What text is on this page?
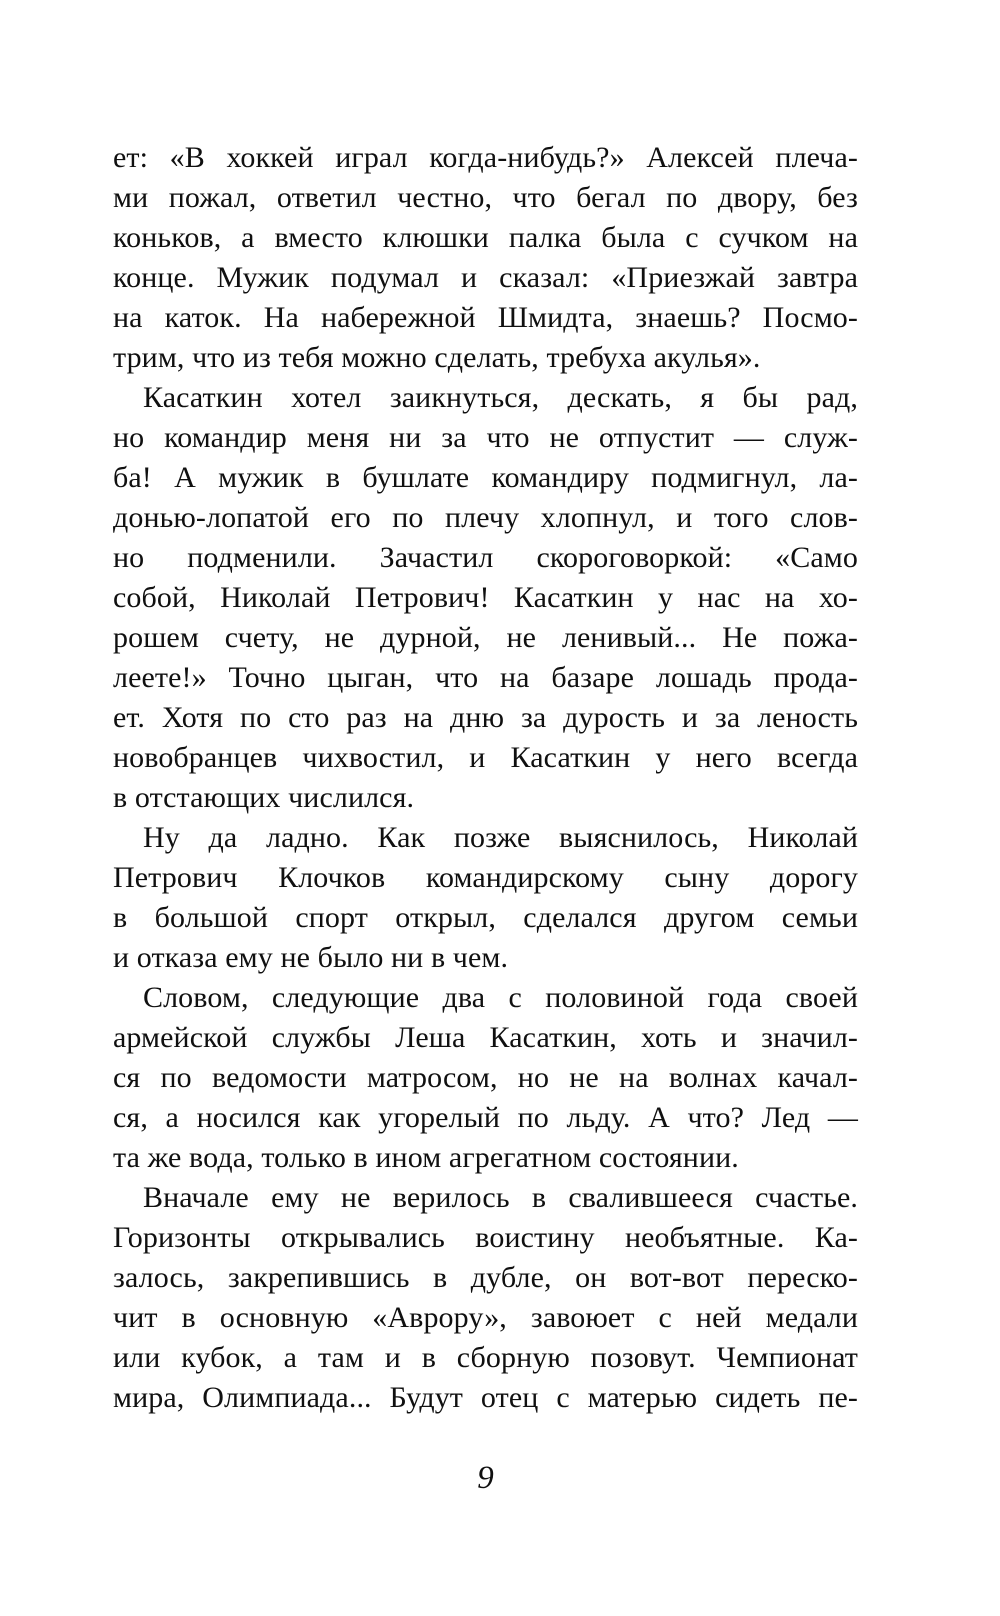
ет: «В хоккей играл когда-нибудь?» Алексей плеча-
ми пожал, ответил честно, что бегал по двору, без
коньков, а вместо клюшки палка была с сучком на
конце. Мужик подумал и сказал: «Приезжай завтра
на каток. На набережной Шмидта, знаешь? Посмо-
трим, что из тебя можно сделать, требуха акулья».
Касаткин хотел заикнуться, дескать, я бы рад,
но командир меня ни за что не отпустит — служ-
ба! А мужик в бушлате командиру подмигнул, ла-
донью-лопатой его по плечу хлопнул, и того слов-
но подменили. Зачастил скороговоркой: «Само
собой, Николай Петрович! Касаткин у нас на хо-
рошем счету, не дурной, не ленивый... Не пожа-
леете!» Точно цыган, что на базаре лошадь прода-
ет. Хотя по сто раз на дню за дурость и за леность
новобранцев чихвостил, и Касаткин у него всегда
в отстающих числился.
Ну да ладно. Как позже выяснилось, Николай
Петрович Клочков командирскому сыну дорогу
в большой спорт открыл, сделался другом семьи
и отказа ему не было ни в чем.
Словом, следующие два с половиной года своей
армейской службы Леша Касаткин, хоть и значил-
ся по ведомости матросом, но не на волнах качал-
ся, а носился как угорелый по льду. А что? Лед —
та же вода, только в ином агрегатном состоянии.
Вначале ему не верилось в свалившееся счастье.
Горизонты открывались воистину необъятные. Ка-
залось, закрепившись в дубле, он вот-вот переско-
чит в основную «Аврору», завоюет с ней медали
или кубок, а там и в сборную позовут. Чемпионат
мира, Олимпиада... Будут отец с матерью сидеть пе-
9
